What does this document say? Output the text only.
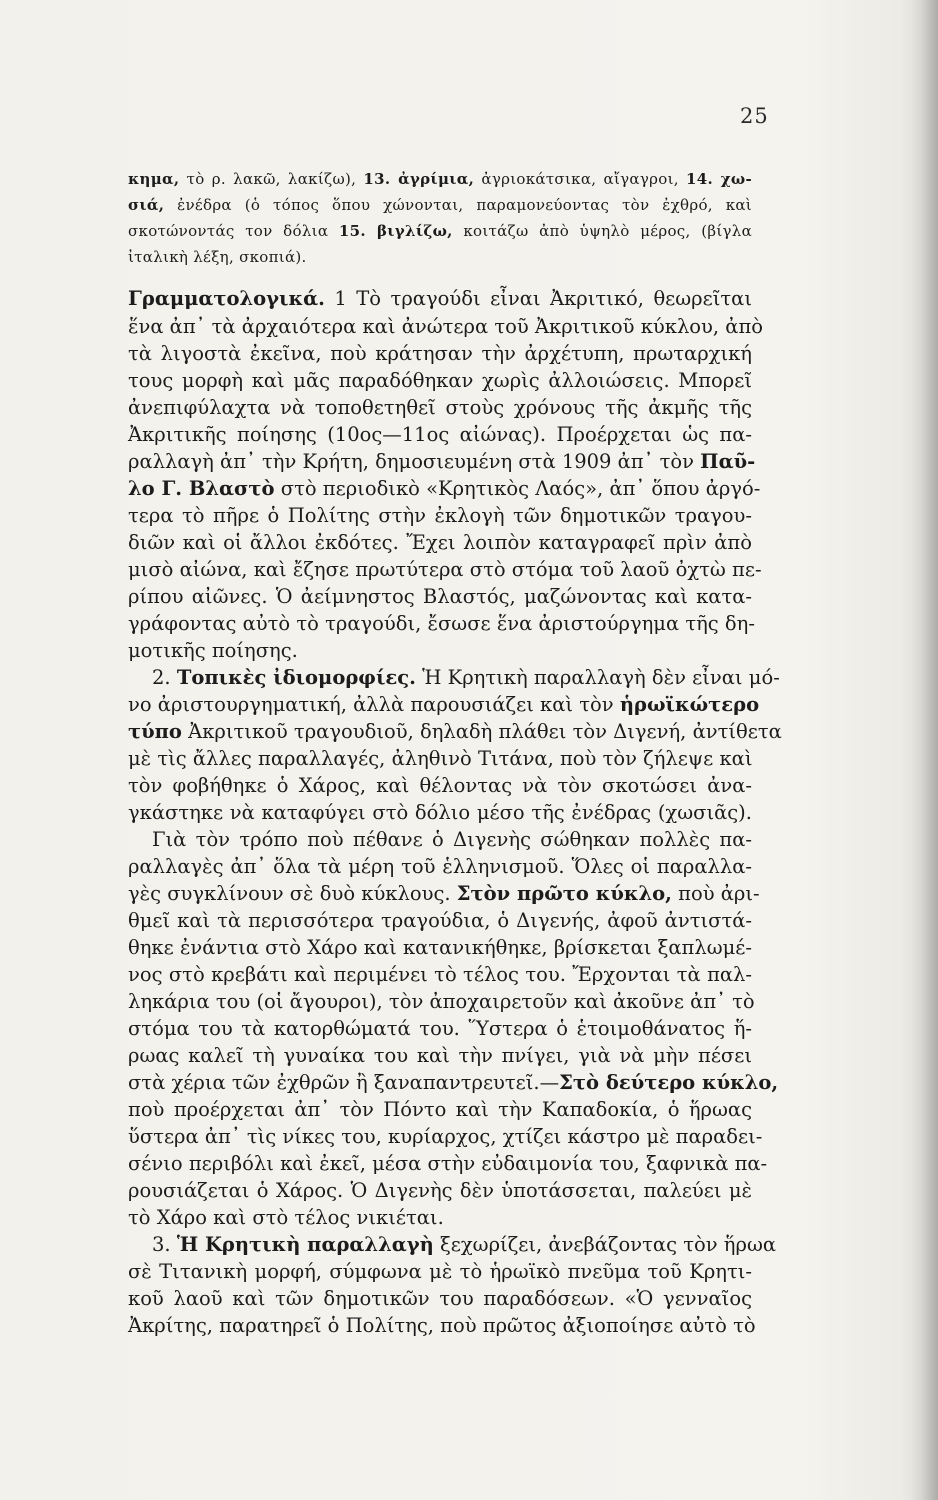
25
κημα, τὸ ρ. λακῶ, λακίζω), 13. ἀγρίμια, ἀγριοκάτσικα, αἴγαγροι, 14. χω-
σιά, ἐνέδρα (ὁ τόπος ὅπου χώνονται, παραμονεύοντας τὸν ἐχθρό, καὶ
σκοτώνοντάς τον δόλια 15. βιγλίζω, κοιτάζω ἀπὸ ὑψηλὸ μέρος, (βίγλα
ἰταλικὴ λέξη, σκοπιά).
Γραμματολογικά. 1 Τὸ τραγούδι εἶναι Ἀκριτικό, θεωρεῖται
ἕνα ἀπ᾽ τὰ ἀρχαιότερα καὶ ἀνώτερα τοῦ Ἀκριτικοῦ κύκλου, ἀπὸ
τὰ λιγοστὰ ἐκεῖνα, ποὺ κράτησαν τὴν ἀρχέτυπη, πρωταρχική
τους μορφὴ καὶ μᾶς παραδόθηκαν χωρὶς ἀλλοιώσεις. Μπορεῖ
ἀνεπιφύλαχτα νὰ τοποθετηθεῖ στοὺς χρόνους τῆς ἀκμῆς τῆς
Ἀκριτικῆς ποίησης (10ος—11ος αἰώνας). Προέρχεται ὡς πα-
ραλλαγὴ ἀπ᾽ τὴν Κρήτη, δημοσιευμένη στὰ 1909 ἀπ᾽ τὸν Παῦ-
λο Γ. Βλαστὸ στὸ περιοδικὸ «Κρητικὸς Λαός», ἀπ᾽ ὅπου ἀργό-
τερα τὸ πῆρε ὁ Πολίτης στὴν ἐκλογὴ τῶν δημοτικῶν τραγου-
διῶν καὶ οἱ ἄλλοι ἐκδότες. Ἔχει λοιπὸν καταγραφεῖ πρὶν ἀπὸ
μισὸ αἰώνα, καὶ ἔζησε πρωτύτερα στὸ στόμα τοῦ λαοῦ ὀχτὼ πε-
ρίπου αἰῶνες. Ὁ ἀείμνηστος Βλαστός, μαζώνοντας καὶ κατα-
γράφοντας αὐτὸ τὸ τραγούδι, ἔσωσε ἕνα ἀριστούργημα τῆς δη-
μοτικῆς ποίησης.
2. Τοπικὲς ἰδιομορφίες. Ἡ Κρητικὴ παραλλαγὴ δὲν εἶναι μό-
νο ἀριστουργηματική, ἀλλὰ παρουσιάζει καὶ τὸν ἡρωϊκώτερο
τύπο Ἀκριτικοῦ τραγουδιοῦ, δηλαδὴ πλάθει τὸν Διγενή, ἀντίθετα
μὲ τὶς ἄλλες παραλλαγές, ἀληθινὸ Τιτάνα, ποὺ τὸν ζήλεψε καὶ
τὸν φοβήθηκε ὁ Χάρος, καὶ θέλοντας νὰ τὸν σκοτώσει ἀνα-
γκάστηκε νὰ καταφύγει στὸ δόλιο μέσο τῆς ἐνέδρας (χωσιᾶς).
Γιὰ τὸν τρόπο ποὺ πέθανε ὁ Διγενὴς σώθηκαν πολλὲς πα-
ραλλαγὲς ἀπ᾽ ὅλα τὰ μέρη τοῦ ἑλληνισμοῦ. Ὅλες οἱ παραλλα-
γὲς συγκλίνουν σὲ δυὸ κύκλους. Στὸν πρῶτο κύκλο, ποὺ ἀρι-
θμεῖ καὶ τὰ περισσότερα τραγούδια, ὁ Διγενής, ἀφοῦ ἀντιστά-
θηκε ἐνάντια στὸ Χάρο καὶ κατανικήθηκε, βρίσκεται ξαπλωμέ-
νος στὸ κρεβάτι καὶ περιμένει τὸ τέλος του. Ἔρχονται τὰ παλ-
ληκάρια του (οἱ ἄγουροι), τὸν ἀποχαιρετοῦν καὶ ἀκοῦνε ἀπ᾽ τὸ
στόμα του τὰ κατορθώματά του. Ὕστερα ὁ ἑτοιμοθάνατος ἥ-
ρωας καλεῖ τὴ γυναίκα του καὶ τὴν πνίγει, γιὰ νὰ μὴν πέσει
στὰ χέρια τῶν ἐχθρῶν ἢ ξαναπαντρευτεῖ.—Στὸ δεύτερο κύκλο,
ποὺ προέρχεται ἀπ᾽ τὸν Πόντο καὶ τὴν Καπαδοκία, ὁ ἥρωας
ὕστερα ἀπ᾽ τὶς νίκες του, κυρίαρχος, χτίζει κάστρο μὲ παραδει-
σένιο περιβόλι καὶ ἐκεῖ, μέσα στὴν εὐδαιμονία του, ξαφνικὰ πα-
ρουσιάζεται ὁ Χάρος. Ὁ Διγενὴς δὲν ὑποτάσσεται, παλεύει μὲ
τὸ Χάρο καὶ στὸ τέλος νικιέται.
3. Ἡ Κρητικὴ παραλλαγὴ ξεχωρίζει, ἀνεβάζοντας τὸν ἥρωα
σὲ Τιτανικὴ μορφή, σύμφωνα μὲ τὸ ἡρωϊκὸ πνεῦμα τοῦ Κρητι-
κοῦ λαοῦ καὶ τῶν δημοτικῶν του παραδόσεων. «Ὁ γενναῖος
Ἀκρίτης, παρατηρεῖ ὁ Πολίτης, ποὺ πρῶτος ἀξιοποίησε αὐτὸ τὸ
